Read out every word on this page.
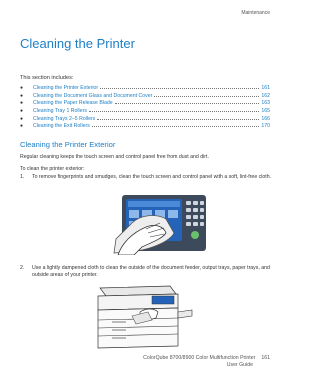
Maintenance
Cleaning the Printer
This section includes:
●	Cleaning the Printer Exterior	161
●	Cleaning the Document Glass and Document Cover	162
●	Cleaning the Paper Release Blade	163
●	Cleaning Tray 1 Rollers	165
●	Cleaning Trays 2–5 Rollers	166
●	Cleaning the Exit Rollers	170
Cleaning the Printer Exterior
Regular cleaning keeps the touch screen and control panel free from dust and dirt.
To clean the printer exterior:
1.	To remove fingerprints and smudges, clean the touch screen and control panel with a soft, lint-free cloth.
2.	Use a lightly dampened cloth to clean the outside of the document feeder, output trays, paper trays, and outside areas of your printer.
ColorQube 8700/8900 Color Multifunction Printer 161
User Guide
